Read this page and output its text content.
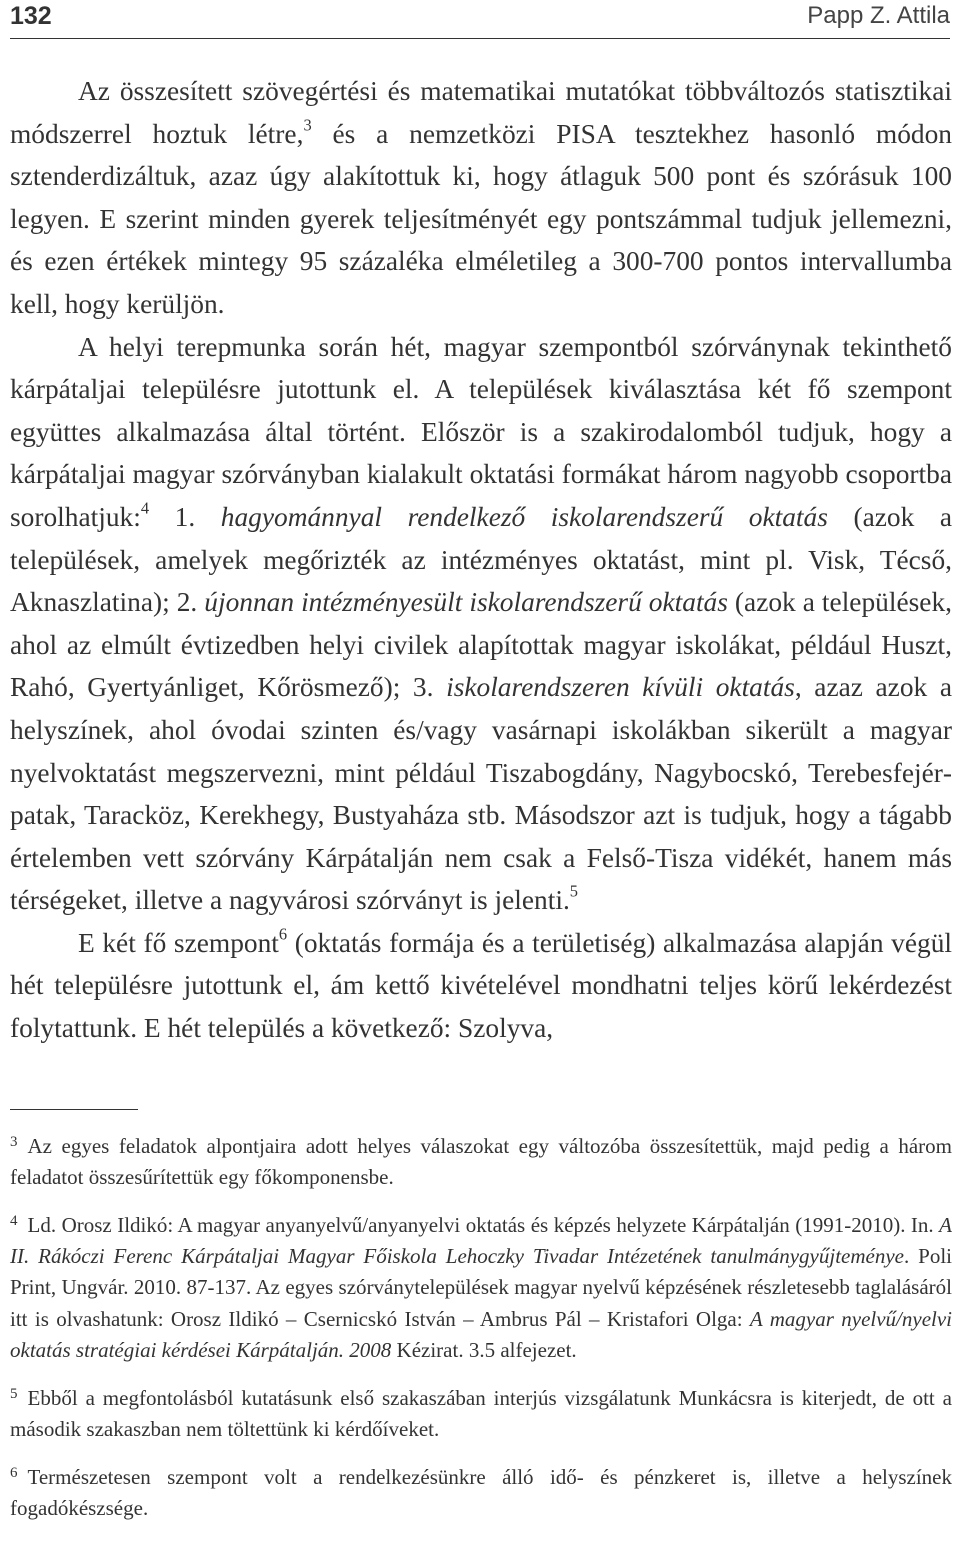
132	Papp Z. Attila

Az összesített szövegértési és matematikai mutatókat többváltozós statisztikai módszerrel hoztuk létre,$^3$ és a nemzetközi PISA tesztekhez hasonló módon sztenderdizáltuk, azaz úgy alakítottuk ki, hogy átlaguk 500 pont és szórásuk 100 legyen. E szerint minden gyerek teljesítményét egy pontszámmal tudjuk jellemezni, és ezen értékek mintegy 95 százaléka elméletileg a 300-700 pontos intervallumba kell, hogy kerüljön.

A helyi terepmunka során hét, magyar szempontból szórványnak tekinthető kárpátaljai településre jutottunk el. A települések kiválasztása két fő szempont együttes alkalmazása által történt. Először is a szakirodalomból tudjuk, hogy a kárpátaljai magyar szórványban kialakult oktatási formákat három nagyobb csoportba sorolhatjuk:$^4$ 1. hagyománnyal rendelkező iskolarendszerű oktatás (azok a települések, amelyek megőrizték az intézményes oktatást, mint pl. Visk, Técső, Aknaszlatina); 2. újonnan intézményesült iskolarendszerű oktatás (azok a települések, ahol az elmúlt évtizedben helyi civilek alapítottak magyar iskolákat, például Huszt, Rahó, Gyertyánliget, Kőrösmező); 3. iskolarendszeren kívüli oktatás, azaz azok a helyszínek, ahol óvodai szinten és/vagy vasárnapi iskolákban sikerült a magyar nyelvoktatást megszervezni, mint például Tiszabogdány, Nagybocskó, Terebesfejérpatak, Taracköz, Kerekhegy, Bustyaháza stb. Másodszor azt is tudjuk, hogy a tágabb értelemben vett szórvány Kárpátalján nem csak a Felső-Tisza vidékét, hanem más térségeket, illetve a nagyvárosi szórványt is jelenti.$^5$

E két fő szempont$^6$ (oktatás formája és a területiség) alkalmazása alapján végül hét településre jutottunk el, ám kettő kivételével mondhatni teljes körű lekérdezést folytattunk. E hét település a következő: Szolyva,

$^3$ Az egyes feladatok alpontjaira adott helyes válaszokat egy változóba összesítettük, majd pedig a három feladatot összesűrítettük egy főkomponensbe.

$^4$ Ld. Orosz Ildikó: A magyar anyanyelvű/anyanyelvi oktatás és képzés helyzete Kárpátalján (1991-2010). In. A II. Rákóczi Ferenc Kárpátaljai Magyar Főiskola Lehoczky Tivadar Intézetének tanulmánygyűjteménye. Poli Print, Ungvár. 2010. 87-137. Az egyes szórványtelepülések magyar nyelvű képzésének részletesebb taglalásáról itt is olvashatunk: Orosz Ildikó – Csernicskó István – Ambrus Pál – Kristafori Olga: A magyar nyelvű/nyelvi oktatás stratégiai kérdései Kárpátalján. 2008 Kézirat. 3.5 alfejezet.

$^5$ Ebből a megfontolásból kutatásunk első szakaszában interjús vizsgálatunk Munkácsra is kiterjedt, de ott a második szakaszban nem töltettünk ki kérdőíveket.

$^6$ Természetesen szempont volt a rendelkezésünkre álló idő- és pénzkeret is, illetve a helyszínek fogadókészsége.
